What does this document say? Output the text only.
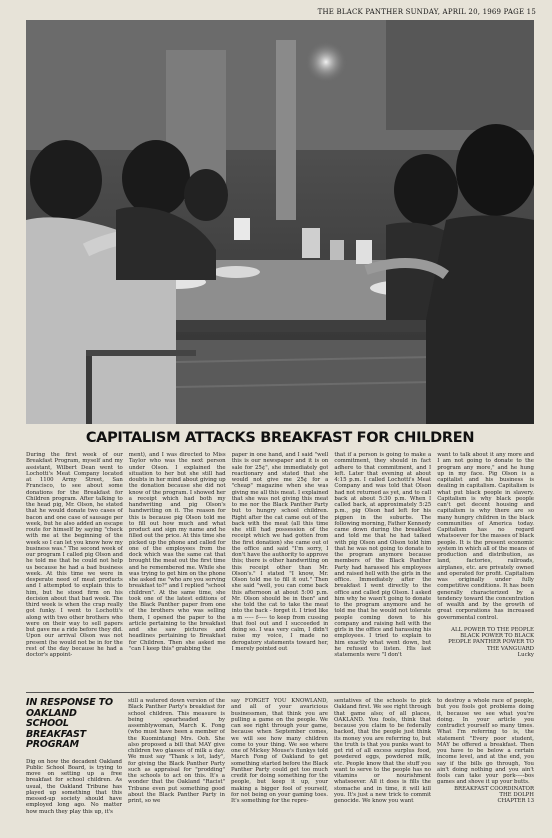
THE BLACK PANTHER SUNDAY, APRIL 20, 1969 PAGE 15
CAPITALISM ATTACKS BREAKFAST FOR CHILDREN
During the first week of our Breakfast Program, myself and my assistant, Wilbert Dean went to Lochotti's Meat Company located at 1100 Army Street, San Francisco, to see about some donations for the Breakfast for Children program. After talking to the head pig, Mr. Olson, he stated that he would donate two cases of bacon and one case of sausage per week, but he also added an escape route for himself by saying "check with me at the beginning of the week so I can let you know how my business was." The second week of our program I called pig Olson and he told me that he could not help us because he had a bad business week. At this time we were in desperate need of meat products and I attempted to explain this to him, but he stood firm on his decision about that bad week. The third week is when the crap really got funky. I went to Lochotti's along with two other brothers who were on their way to sell papers but gave me a ride before they did. Upon our arrival Olson was not present (he would not be in for the rest of the day because he had a doctor's appoint-
ment), and I was directed to Miss Taylor who was the next person under Olson. I explained the situation to her but she still had doubts in her mind about giving up the donation because she did not know of the program. I showed her a receipt which had both my handwriting and pig Olson's handwriting on it. The reason for this is because pig Olson told me to fill out how much and what product and sign my name and he filled out the price. At this time she picked up the phone and called for one of the employees from the dock which was the same cat that brought the meat out the first time and he remembered me. While she was trying to get him on the phone she asked me "who are you serving breakfast to?" and I replied "school children". At the same time, she took one of the latest editions of the Black Panther paper from one of the brothers who was selling them, I opened the paper to the article pertaining to the breakfast and she saw pictures and headlines pertaining to Breakfast for Children. Then she asked me "can I keep this" grabbing the
paper in one hand, and I said "well this is our newspaper and it is on sale for 25¢", she immediately got reactionary and stated that she would not give me 25¢ for a "cheap" magazine when she was giving me all this meat. I explained that she was not giving this meat to me nor the Black Panther Party but to hungry school children. Right after the cat came out of the back with the meat (all this time she still had possession of the receipt which we had gotten from the first donation) she came out of the office and said "I'm sorry, I don't have the authority to approve this; there is other handwriting on this receipt other than Mr. Olson's." I stated "I know, Mr. Olson told me to fill it out." Then she said "well, you can come back this afternoon at about 5:00 p.m. Mr. Olson should be in then" and she told the cat to take the meat into the back - forget it. I tried like a m ----- f----- to keep from cussing that fool out and I succeeded in doing so. I was very calm, I didn't raise my voice, I made no derogatory statements toward her, I merely pointed out
that if a person is going to make a commitment, they should in fact adhere to that commitment, and I left. Later that evening at about 4:15 p.m. I called Lochotti's Meat Company and was told that Olson had not returned as yet, and to call back at about 5:30 p.m. When I called back, at approximately 5:25 p.m., pig Olson had left for his pigpen in the suburbs. The following morning, Father Kennedy came down during the breakfast and told me that he had talked with pig Olson and Olson told him that he was not going to donate to the program anymore because members of the Black Panther Party had harassed his employees and raised hell with the girls in the office. Immediately after the breakfast I went directly to the office and called pig Olson. I asked him why he wasn't going to donate to the program anymore and he told me that he would not tolerate people coming down to his company and raising hell with the girls in the office and harassing his employees. I tried to explain to him exactly what went down, but he refused to listen. His last statements were "I don't
want to talk about it any more and I am not going to donate to the program any more," and he hung up in my face. Pig Olson is a capitalist and his business is dealing in capitalism. Capitalism is what put black people in slavery. Capitalism is why black people can't get decent housing and capitalism is why there are so many hungry children in the black communities of America today. Capitalism has no regard whatsoever for the masses of black people. It is the present economic system in which all of the means of production and distribution, as land, factories, railroads, airplanes, etc. are privately owned and operated for profit. Capitalism was originally under fully competitive conditions. It has been generally characterized by a tendency toward the concentration of wealth and by the growth of great corporations has increased governmental control.
ALL POWER TO THE PEOPLE BLACK POWER TO BLACK PEOPLE PANTHER POWER TO THE VANGUARD
Lucky
IN RESPONSE TO OAKLAND SCHOOL BREAKFAST PROGRAM
Dig on how the decadent Oakland Public School Board, is trying to move on setting up a free breakfast for school children. As usual, the Oakland Tribune has played up something that this messed-up society should have employed long ago. No matter how much they play this up, it's
still a watered down version of the Black Panther Party's breakfast for school children. This measure is being spearheaded by assemblywoman, March K. Fong (who must have been a member of the Kuomintang) Mrs. Ooh. She also proposed a bill that MAY give children two glasses of milk a day. We must say "Thank s lot, lady", for giving the Black Panther Party such as appraisal for "prodding" the schools to act on this. It's a wonder that the Oakland "Racist" Tribune even put something good about the Black Panther Party in print, so we
say FORGET YOU KNOWLAND, and all of your avaricious businessmen, that think you are pulling a game on the people. We can see right through your game, because when September comes, we will see how many children come to your thing. We see where one of Mickey Mouse's flunkys told March Fong of Oakland to get something started before the Black Panther Party could get too much credit for doing something for the people, but keep it up, your making a bigger fool of yourself, for not being on your gaming toes. It's something for the repre-
sentatives of the schools to pick Oakland first. We see right through that game also; of all places, OAKLAND. You fools, think that because you claim to be federally backed, that the people just think its money you are referring to, but the truth is that you punks want to get rid of all excess surplus food, powdered eggs, powdered milk, etc. People know that the stuff you want to serve to the people has no vitamins or nourishment whatsoever. All it does is fills the stomache and in time, it will kill you. It's just a new trick to commit genocide. We know you want
to destroy a whole race of people, but you fools got problems doing it, because we see what you're doing. In your article you contradict yourself so many times. What I'm referring to is, the statement "Every poor student, MAY be offered a breakfast. Then you have to be below a certain income level, and at the end, you say if the bills go through, You ain't doing nothing and you ain't fools can take your pork-----bos games and shove it up your butts.
BREAKFAST COORDINATOR
THE DOLPH
CHAPTER 13
